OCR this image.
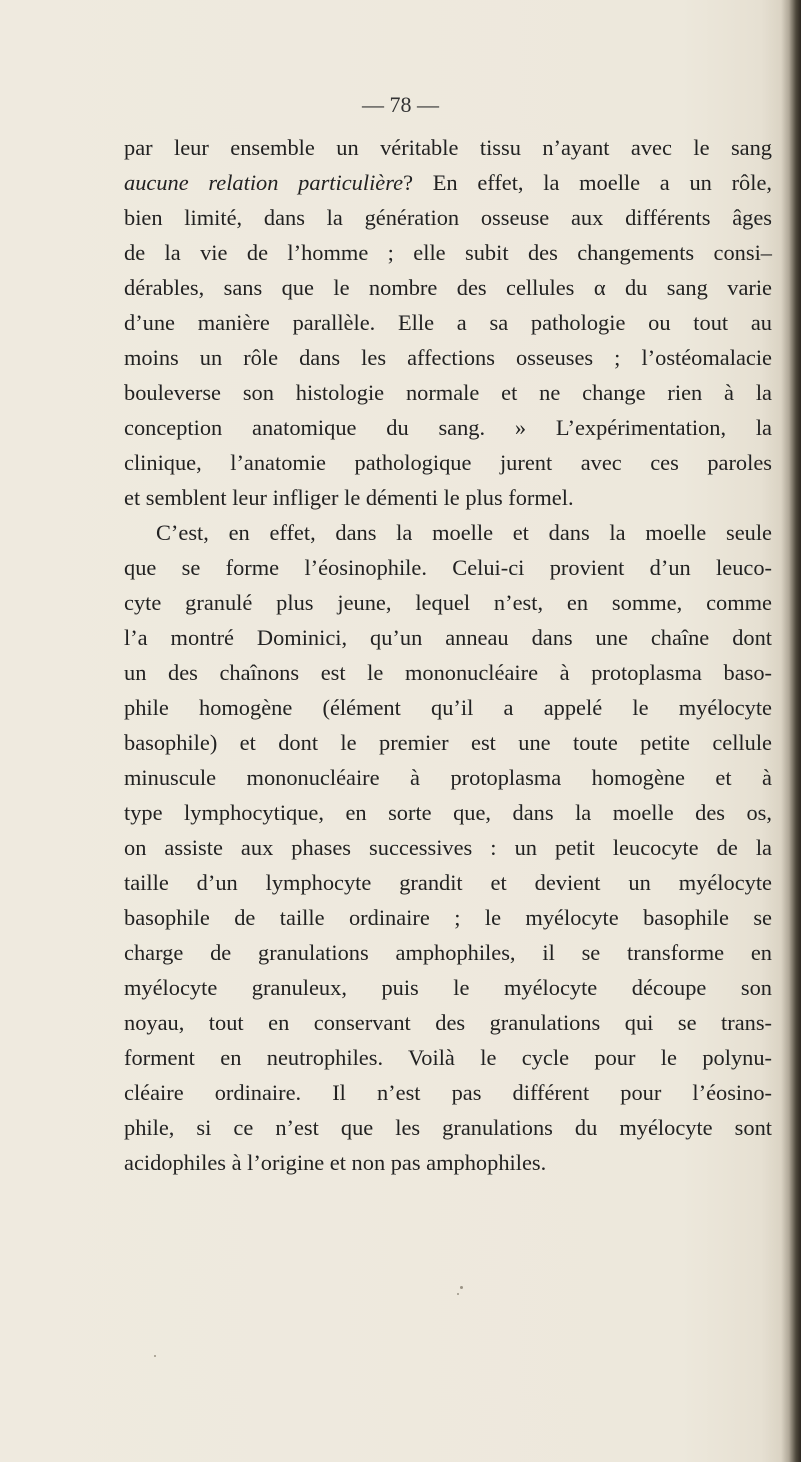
— 78 —
par leur ensemble un véritable tissu n’ayant avec le sang
aucune relation particulière? En effet, la moelle a un rôle,
bien limité, dans la génération osseuse aux différents âges
de la vie de l’homme ; elle subit des changements consi–
dérables, sans que le nombre des cellules α du sang varie
d’une manière parallèle. Elle a sa pathologie ou tout au
moins un rôle dans les affections osseuses ; l’ostéomalacie
bouleverse son histologie normale et ne change rien à la
conception anatomique du sang. » L’expérimentation, la
clinique, l’anatomie pathologique jurent avec ces paroles
et semblent leur infliger le démenti le plus formel.
C’est, en effet, dans la moelle et dans la moelle seule
que se forme l’éosinophile. Celui-ci provient d’un leuco-
cyte granulé plus jeune, lequel n’est, en somme, comme
l’a montré Dominici, qu’un anneau dans une chaîne dont
un des chaînons est le mononucléaire à protoplasma baso-
phile homogène (élément qu’il a appelé le myélocyte
basophile) et dont le premier est une toute petite cellule
minuscule mononucléaire à protoplasma homogène et à
type lymphocytique, en sorte que, dans la moelle des os,
on assiste aux phases successives : un petit leucocyte de la
taille d’un lymphocyte grandit et devient un myélocyte
basophile de taille ordinaire ; le myélocyte basophile se
charge de granulations amphophiles, il se transforme en
myélocyte granuleux, puis le myélocyte découpe son
noyau, tout en conservant des granulations qui se trans-
forment en neutrophiles. Voilà le cycle pour le polynu-
cléaire ordinaire. Il n’est pas différent pour l’éosino-
phile, si ce n’est que les granulations du myélocyte sont
acidophiles à l’origine et non pas amphophiles.
